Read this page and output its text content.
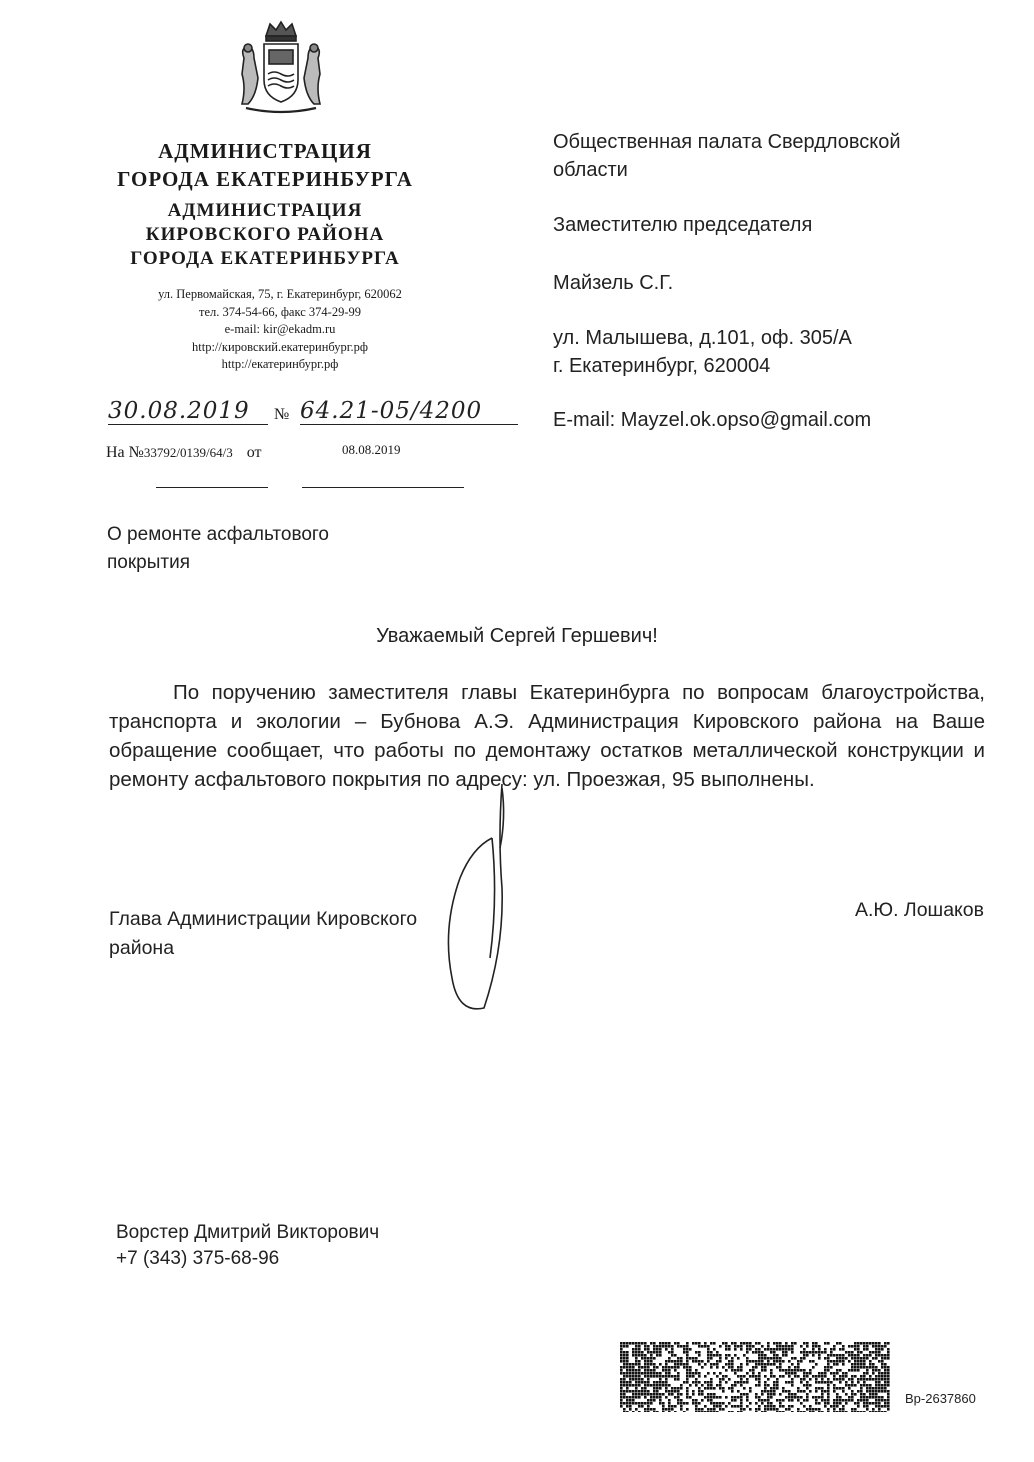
АДМИНИСТРАЦИЯ
ГОРОДА ЕКАТЕРИНБУРГА
АДМИНИСТРАЦИЯ
КИРОВСКОГО РАЙОНА
ГОРОДА ЕКАТЕРИНБУРГА
ул. Первомайская, 75, г. Екатеринбург, 620062
тел. 374-54-66, факс 374-29-99
e-mail: kir@ekadm.ru
http://кировский.екатеринбург.рф
http://екатеринбург.рф
30.08.2019	№ 64.21-05/4200
На №33792/0139/64/3 от	08.08.2019
Общественная палата Свердловской
области
Заместителю председателя
Майзель С.Г.
ул. Малышева, д.101, оф. 305/А
г. Екатеринбург, 620004
E-mail: Mayzel.ok.opso@gmail.com
О ремонте асфальтового
покрытия
Уважаемый Сергей Гершевич!
По поручению заместителя главы Екатеринбурга по вопросам благоустройства, транспорта и экологии – Бубнова А.Э. Администрация Кировского района на Ваше обращение сообщает, что работы по демонтажу остатков металлической конструкции и ремонту асфальтового покрытия по адресу: ул. Проезжая, 95 выполнены.
Глава Администрации Кировского
района
А.Ю. Лошаков
Ворстер Дмитрий Викторович
+7 (343) 375-68-96
Вр-2637860
